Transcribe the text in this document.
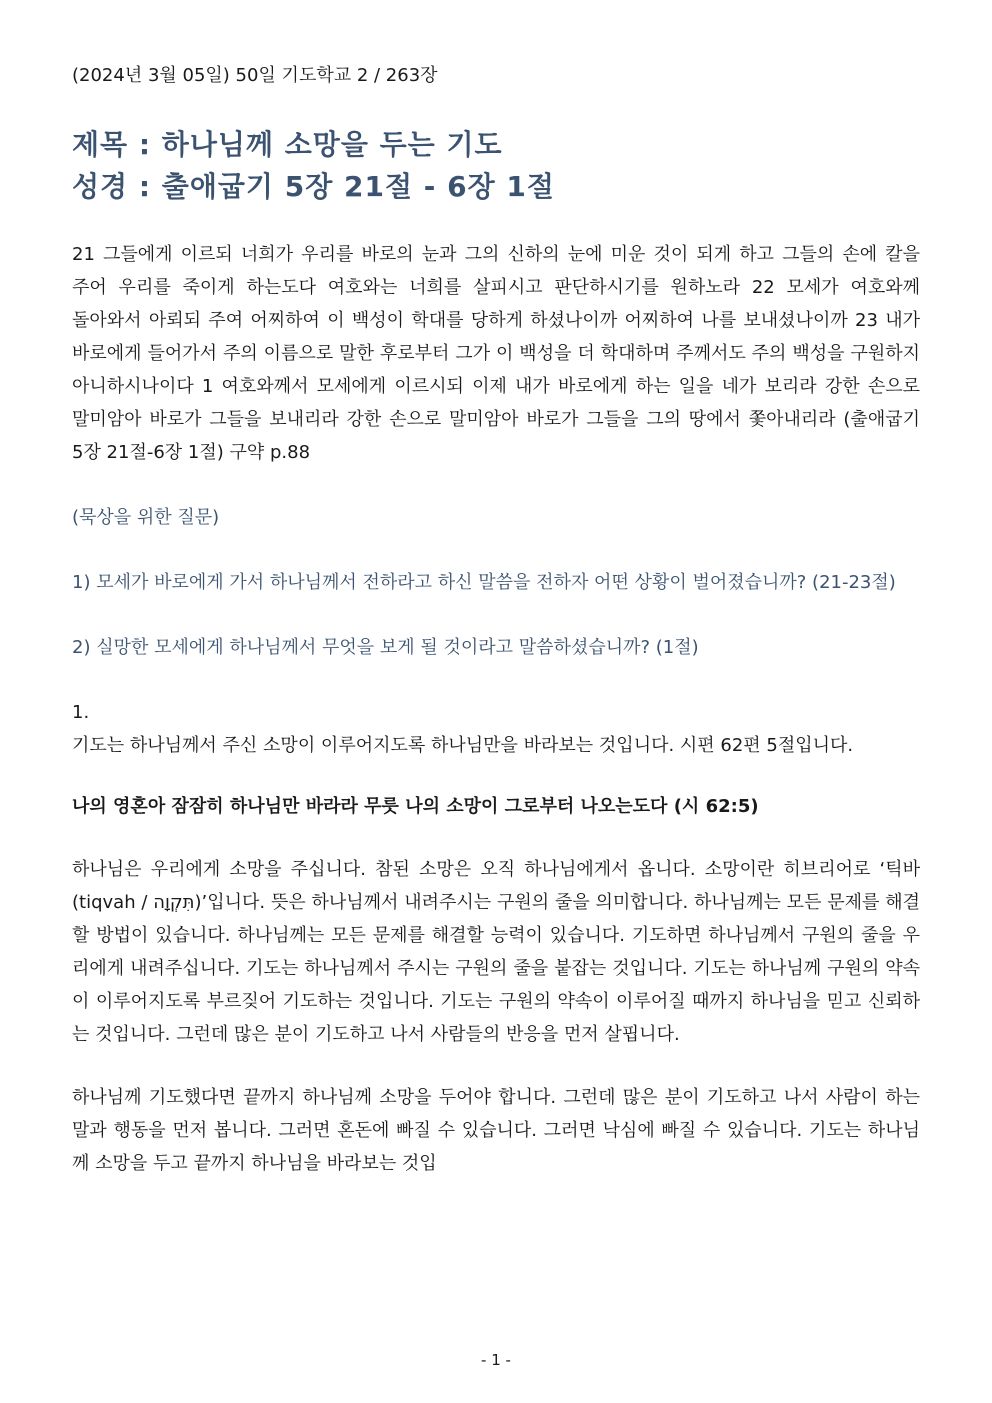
(2024년 3월 05일) 50일 기도학교 2 / 263장

제목 : 하나님께 소망을 두는 기도
성경 : 출애굽기 5장 21절 - 6장 1절
21 그들에게 이르되 너희가 우리를 바로의 눈과 그의 신하의 눈에 미운 것이 되게 하고 그들의 손에 칼을 주어 우리를 죽이게 하는도다 여호와는 너희를 살피시고 판단하시기를 원하노라 22 모세가 여호와께 돌아와서 아뢰되 주여 어찌하여 이 백성이 학대를 당하게 하셨나이까 어찌하여 나를 보내셨나이까 23 내가 바로에게 들어가서 주의 이름으로 말한 후로부터 그가 이 백성을 더 학대하며 주께서도 주의 백성을 구원하지 아니하시나이다 1 여호와께서 모세에게 이르시되 이제 내가 바로에게 하는 일을 네가 보리라 강한 손으로 말미암아 바로가 그들을 보내리라 강한 손으로 말미암아 바로가 그들을 그의 땅에서 쫓아내리라 (출애굽기 5장 21절-6장 1절) 구약 p.88
(묵상을 위한 질문)
1) 모세가 바로에게 가서 하나님께서 전하라고 하신 말씀을 전하자 어떤 상황이 벌어졌습니까? (21-23절)
2) 실망한 모세에게 하나님께서 무엇을 보게 될 것이라고 말씀하셨습니까? (1절)
1.
기도는 하나님께서 주신 소망이 이루어지도록 하나님만을 바라보는 것입니다. 시편 62편 5절입니다.
나의 영혼아 잠잠히 하나님만 바라라 무릇 나의 소망이 그로부터 나오는도다 (시 62:5)
하나님은 우리에게 소망을 주십니다. 참된 소망은 오직 하나님에게서 옵니다. 소망이란 히브리어로 ‘틱바(tiqvah / תִּקְוָה)’입니다. 뜻은 하나님께서 내려주시는 구원의 줄을 의미합니다. 하나님께는 모든 문제를 해결할 방법이 있습니다. 하나님께는 모든 문제를 해결할 능력이 있습니다. 기도하면 하나님께서 구원의 줄을 우리에게 내려주십니다. 기도는 하나님께서 주시는 구원의 줄을 붙잡는 것입니다. 기도는 하나님께 구원의 약속이 이루어지도록 부르짖어 기도하는 것입니다. 기도는 구원의 약속이 이루어질 때까지 하나님을 믿고 신뢰하는 것입니다. 그런데 많은 분이 기도하고 나서 사람들의 반응을 먼저 살핍니다.
하나님께 기도했다면 끝까지 하나님께 소망을 두어야 합니다. 그런데 많은 분이 기도하고 나서 사람이 하는 말과 행동을 먼저 봅니다. 그러면 혼돈에 빠질 수 있습니다. 그러면 낙심에 빠질 수 있습니다. 기도는 하나님께 소망을 두고 끝까지 하나님을 바라보는 것입
- 1 -
